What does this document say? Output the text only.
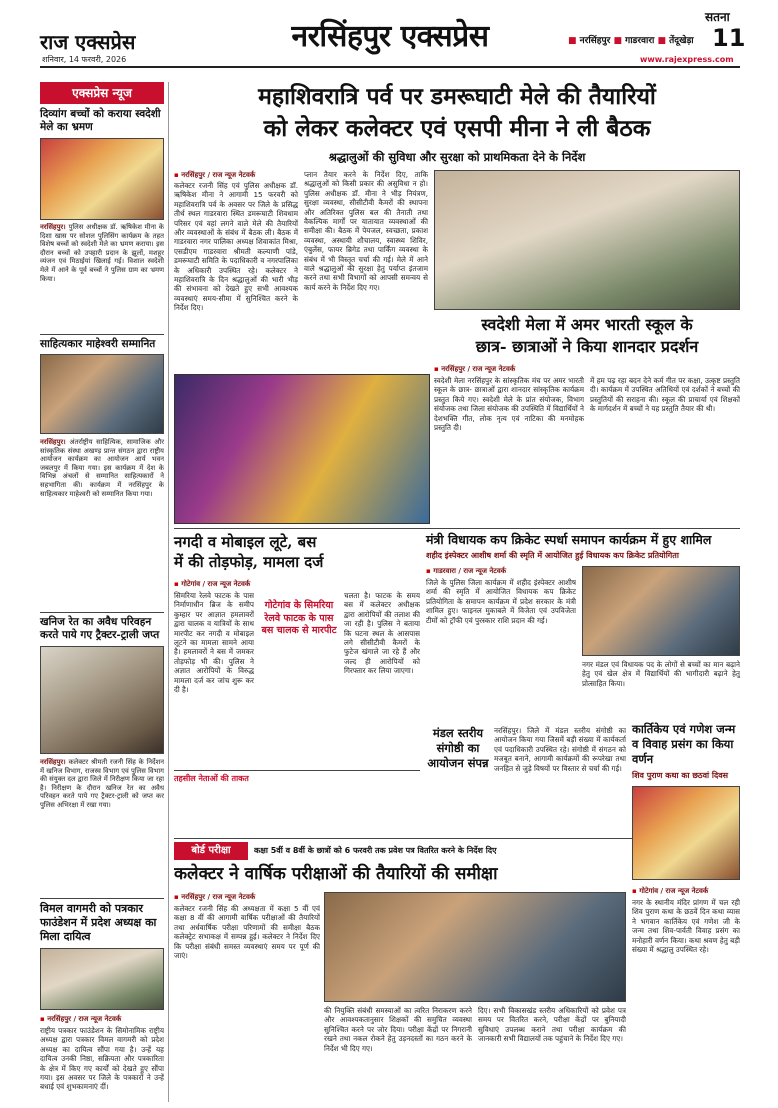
राज एक्सप्रेस
शनिवार, 14 फरवरी, 2026
नरसिंहपुर एक्सप्रेस
सतना
■ नरसिंहपुर ■ गाडरवारा ■ तेंदूखेड़ा 11
www.rajexpress.com
एक्सप्रेस न्यूज
दिव्यांग बच्चों को कराया स्वदेशी मेले का भ्रमण
नरसिंहपुर। पुलिस अधीक्षक डॉ. ऋषिकेश मीना के दिशा खास पर सोशल पुलिसिंग कार्यक्रम के तहत विशेष बच्चों को स्वदेशी मेले का भ्रमण कराया। इस दौरान बच्चों को उपहारी प्रदान के झूलों, मशहूर व्यंजन एवं मिठाईयां खिलाई गई। विशाल स्वदेशी मेले में आने के पूर्व बच्चों ने पुलिस ग्राम का भ्रमण किया।
साहित्यकार माहेश्वरी सम्मानित
नरसिंहपुर। अंतर्राष्ट्रीय साहित्यिक, सामाजिक और सांस्कृतिक संस्था अखण्ड़ प्रान्त संगठन द्वारा राष्ट्रीय आयोजन कार्यक्रम का आयोजन आर्य भवन जबलपुर में किया गया। इस कार्यक्रम में देश के विभिन्न अंचलों से सम्मानित साहित्यकारों ने सहभागिता की। कार्यक्रम में नरसिंहपुर के साहित्यकार माहेश्वरी को सम्मानित किया गया।
खनिज रेत का अवैध परिवहन करते पाये गए ट्रैक्टर-ट्राली जप्त
नरसिंहपुर। कलेक्टर श्रीमती रजनी सिंह के निर्देशन में खनिज विभाग, राजस्व विभाग एवं पुलिस विभाग की संयुक्त दल द्वारा जिले में निरीक्षण किया जा रहा है। निरीक्षण के दौरान खनिज रेत का अवैध परिवहन करते पाये गए ट्रैक्टर-ट्राली को जप्त कर पुलिस अभिरक्षा में रखा गया।
विमल वागमरी को पत्रकार फाउंडेशन में प्रदेश अध्यक्ष का मिला दायित्व
▪ नरसिंहपुर / राज न्यूज नेटवर्क
राष्ट्रीय पत्रकार फाउंडेशन के सिमोनामिक राष्ट्रीय अध्यक्ष द्वारा पत्रकार विमल वागमरी को प्रदेश अध्यक्ष का दायित्व सौंपा गया है। उन्हें यह दायित्व उनकी निष्ठा, सक्रियता और पत्रकारिता के क्षेत्र में किए गए कार्यों को देखते हुए सौंपा गया। इस अवसर पर जिले के पत्रकारों ने उन्हें बधाई एवं शुभकामनाएं दीं।
महाशिवरात्रि पर्व पर डमरूघाटी मेले की तैयारियों
को लेकर कलेक्टर एवं एसपी मीना ने ली बैठक
श्रद्धालुओं की सुविधा और सुरक्षा को प्राथमिकता देने के निर्देश
▪ नरसिंहपुर / राज न्यूज नेटवर्क
कलेक्टर रजनी सिंह एवं पुलिस अधीक्षक डॉ. ऋषिकेश मीना ने आगामी 15 फरवरी को महाशिवरात्रि पर्व के अवसर पर जिले के प्रसिद्ध तीर्थ स्थल गाडरवारा स्थित डमरूघाटी शिवधाम परिसर एवं वहां लगने वाले मेले की तैयारियों और व्यवस्थाओं के संबंध में बैठक ली। बैठक में गाडरवारा नगर पालिका अध्यक्ष शिवाकांत मिश्रा, एसडीएम गाडरवारा श्रीमती कल्याणी पांडे, डमरूघाटी समिति के पदाधिकारी व नगरपालिका के अधिकारी उपस्थित रहे। कलेक्टर ने महाशिवरात्रि के दिन श्रद्धालुओं की भारी भीड़ की संभावना को देखते हुए सभी आवश्यक व्यवस्थाएं समय-सीमा में सुनिश्चित करने के निर्देश दिए।
प्लान तैयार करने के निर्देश दिए, ताकि श्रद्धालुओं को किसी प्रकार की असुविधा न हो। पुलिस अधीक्षक डॉ. मीना ने भीड़ नियंत्रण, सुरक्षा व्यवस्था, सीसीटीवी कैमरों की स्थापना और अतिरिक्त पुलिस बल की तैनाती तथा वैकल्पिक मार्गों पर यातायात व्यवस्थाओं की समीक्षा की। बैठक में पेयजल, स्वच्छता, प्रकाश व्यवस्था, अस्थायी शौचालय, स्वास्थ्य शिविर, एंबुलेंस, फायर ब्रिगेड तथा पार्किंग व्यवस्था के संबंध में भी विस्तृत चर्चा की गई। मेले में आने वाले श्रद्धालुओं की सुरक्षा हेतु पर्याप्त इंतजाम करने तथा सभी विभागों को आपसी समन्वय से कार्य करने के निर्देश दिए गए।
स्वदेशी मेला में अमर भारती स्कूल के
छात्र- छात्राओं ने किया शानदार प्रदर्शन
▪ नरसिंहपुर / राज न्यूज नेटवर्क
स्वदेशी मेला नरसिंहपुर के सांस्कृतिक मंच पर अमर भारती स्कूल के छात्र- छात्राओं द्वारा शानदार सांस्कृतिक कार्यक्रम प्रस्तुत किये गए। स्वदेशी मेले के प्रांत संयोजक, विभाग संयोजक तथा जिला संयोजक की उपस्थिति में विद्यार्थियों ने देशभक्ति गीत, लोक नृत्य एवं नाटिका की मनमोहक प्रस्तुति दी।
में हम पढ़ रहा बदन देने कर्म गीत पर कक्षा, उत्कृष्ट प्रस्तुति दी। कार्यक्रम में उपस्थित अतिथियों एवं दर्शकों ने बच्चों की प्रस्तुतियों की सराहना की। स्कूल की प्राचार्या एवं शिक्षकों के मार्गदर्शन में बच्चों ने यह प्रस्तुति तैयार की थी।
नगदी व मोबाइल लूटे, बस
में की तोड़फोड़, मामला दर्ज
▪ गोटेगांव / राज न्यूज नेटवर्क
सिमरिया रेलवे फाटक के पास निर्माणाधीन ब्रिज के समीप कुम्हार पर आज्ञात हमलावरों द्वारा चालक व यात्रियों के साथ मारपीट कर नगदी व मोबाइल लूटने का मामला सामने आया है। हमलावरों ने बस में जमकर तोड़फोड़ भी की। पुलिस ने अज्ञात आरोपियों के विरुद्ध मामला दर्ज कर जांच शुरू कर दी है।
गोटेगांव के सिमरिया रेलवे फाटक के पास बस चालक से मारपीट
चलता है। फाटक के समय बस में कलेक्टर अधीक्षक द्वारा आरोपियों की तलाश की जा रही है। पुलिस ने बताया कि घटना स्थल के आसपास लगे सीसीटीवी कैमरों के फुटेज खंगाले जा रहे हैं और जल्द ही आरोपियों को गिरफ्तार कर लिया जाएगा।
मंत्री विधायक कप क्रिकेट स्पर्धा समापन कार्यक्रम में हुए शामिल
शहीद इंस्पेक्टर आशीष शर्मा की स्मृति में आयोजित हुई विधायक कप क्रिकेट प्रतियोगिता
▪ गाडरवारा / राज न्यूज नेटवर्क
जिले के पुलिस जिला कार्यक्रम में शहीद इंस्पेक्टर आशीष शर्मा की स्मृति में आयोजित विधायक कप क्रिकेट प्रतियोगिता के समापन कार्यक्रम में प्रदेश सरकार के मंत्री शामिल हुए। फाइनल मुकाबले में विजेता एवं उपविजेता टीमों को ट्रॉफी एवं पुरस्कार राशि प्रदान की गई।
नगर मंडल एवं विधायक पद के लोगों से बच्चों का मान बढ़ाने हेतु एवं खेल क्षेत्र में विद्यार्थियों की भागीदारी बढ़ाने हेतु प्रोत्साहित किया।
तहसील नेताओं की ताकत
मंडल स्तरीय संगोष्ठी का आयोजन संपन्न
नरसिंहपुर। जिले में मंडल स्तरीय संगोष्ठी का आयोजन किया गया जिसमें बड़ी संख्या में कार्यकर्ता एवं पदाधिकारी उपस्थित रहे। संगोष्ठी में संगठन को मजबूत बनाने, आगामी कार्यक्रमों की रूपरेखा तथा जनहित से जुड़े विषयों पर विस्तार से चर्चा की गई।
कार्तिकेय एवं गणेश जन्म व विवाह प्रसंग का किया वर्णन
शिव पुराण कथा का छठवां दिवस
बोर्ड परीक्षा	कक्षा 5वीं व 8वीं के छात्रों को 6 फरवरी तक प्रवेश पत्र वितरित करने के निर्देश दिए
कलेक्टर ने वार्षिक परीक्षाओं की तैयारियों की समीक्षा
▪ नरसिंहपुर / राज न्यूज नेटवर्क
कलेक्टर रजनी सिंह की अध्यक्षता में कक्षा 5 वीं एवं कक्षा 8 वीं की आगामी वार्षिक परीक्षाओं की तैयारियों तथा अर्धवार्षिक परीक्षा परिणामों की समीक्षा बैठक कलेक्ट्रेट सभाकक्ष में सम्पन्न हुई। कलेक्टर ने निर्देश दिए कि परीक्षा संबंधी समस्त व्यवस्थाएं समय पर पूर्ण की जाएं।
की नियुक्ति संबंधी समस्याओं का त्वरित निराकरण करने और आवश्यकतानुसार शिक्षकों की समुचित व्यवस्था सुनिश्चित करने पर जोर दिया। परीक्षा केंद्रों पर निगरानी रखने तथा नकल रोकने हेतु उड़नदस्तों का गठन करने के निर्देश भी दिए गए।
दिए। सभी विकासखंड स्तरीय अधिकारियों को प्रवेश पत्र समय पर वितरित करने, परीक्षा केंद्रों पर बुनियादी सुविधाएं उपलब्ध कराने तथा परीक्षा कार्यक्रम की जानकारी सभी विद्यालयों तक पहुंचाने के निर्देश दिए गए।
▪ गोटेगांव / राज न्यूज नेटवर्क
नगर के स्थानीय मंदिर प्रांगण में चल रही शिव पुराण कथा के छठवें दिन कथा व्यास ने भगवान कार्तिकेय एवं गणेश जी के जन्म तथा शिव-पार्वती विवाह प्रसंग का मनोहारी वर्णन किया। कथा श्रवण हेतु बड़ी संख्या में श्रद्धालु उपस्थित रहे।
